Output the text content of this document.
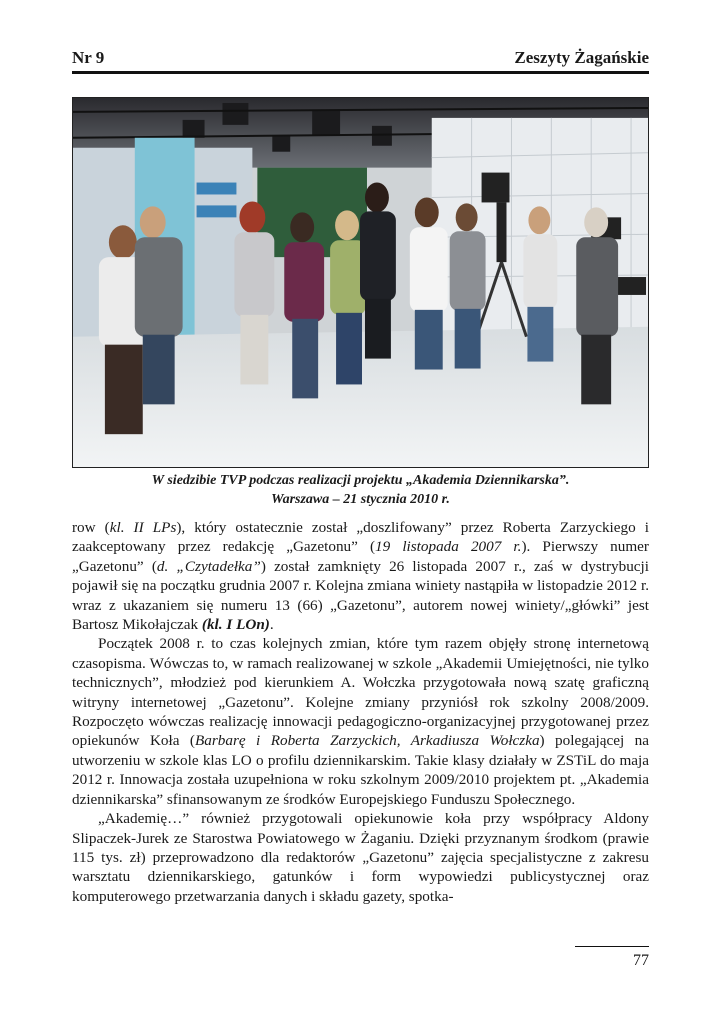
Nr 9	Zeszyty Żagańskie
W siedzibie TVP podczas realizacji projektu „Akademia Dziennikarska”.
Warszawa – 21 stycznia 2010 r.

row (kl. II LPs), który ostatecznie został „doszlifowany” przez Roberta Zarzyckiego i zaakceptowany przez redakcję „Gazetonu” (19 listopada 2007 r.). Pierwszy numer „Gazetonu” (d. „Czytadełka”) został zamknięty 26 listopada 2007 r., zaś w dystrybucji pojawił się na początku grudnia 2007 r. Kolejna zmiana winiety nastąpiła w listopadzie 2012 r. wraz z ukazaniem się numeru 13 (66) „Gazetonu”, autorem nowej winiety/„główki” jest Bartosz Mikołajczak (kl. I LOn).

Początek 2008 r. to czas kolejnych zmian, które tym razem objęły stronę internetową czasopisma. Wówczas to, w ramach realizowanej w szkole „Akademii Umiejętności, nie tylko technicznych”, młodzież pod kierunkiem A. Wołczka przygotowała nową szatę graficzną witryny internetowej „Gazetonu”. Kolejne zmiany przyniósł rok szkolny 2008/2009. Rozpoczęto wówczas realizację innowacji pedagogiczno-organizacyjnej przygotowanej przez opiekunów Koła (Barbarę i Roberta Zarzyckich, Arkadiusza Wołczka) polegającej na utworzeniu w szkole klas LO o profilu dziennikarskim. Takie klasy działały w ZSTiL do maja 2012 r. Innowacja została uzupełniona w roku szkolnym 2009/2010 projektem pt. „Akademia dziennikarska” sfinansowanym ze środków Europejskiego Funduszu Społecznego.

„Akademię…” również przygotowali opiekunowie koła przy współpracy Aldony Slipaczek-Jurek ze Starostwa Powiatowego w Żaganiu. Dzięki przyznanym środkom (prawie 115 tys. zł) przeprowadzono dla redaktorów „Gazetonu” zajęcia specjalistyczne z zakresu warsztatu dziennikarskiego, gatunków i form wypowiedzi publicystycznej oraz komputerowego przetwarzania danych i składu gazety, spotka-

77
